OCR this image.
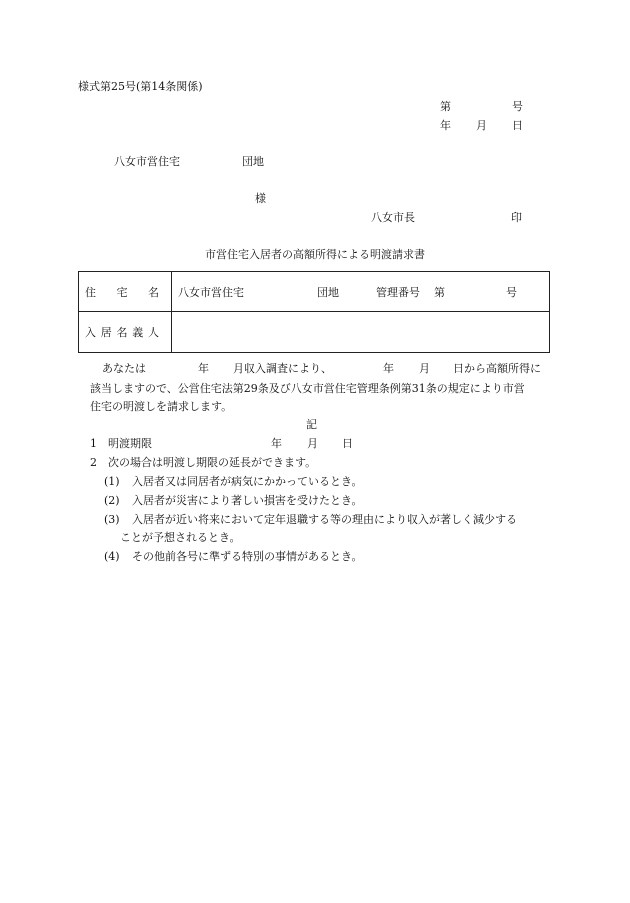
様式第25号(第14条関係)
第	号
年 月 日
八女市営住宅	団地
様
八女市長	印
市営住宅入居者の高額所得による明渡請求書
住 宅 名	八女市営住宅 団地 管理番号 第 号

入 居 名 義 人	

あなたは	年 月収入調査により、	年 月 日から高額所得に
該当しますので、公営住宅法第29条及び八女市営住宅管理条例第31条の規定により市営
住宅の明渡しを請求します。
記
1 明渡期限	年 月 日
2 次の場合は明渡し期限の延長ができます。
(1) 入居者又は同居者が病気にかかっているとき。
(2) 入居者が災害により著しい損害を受けたとき。
(3) 入居者が近い将来において定年退職する等の理由により収入が著しく減少する
ことが予想されるとき。
(4) その他前各号に準ずる特別の事情があるとき。
